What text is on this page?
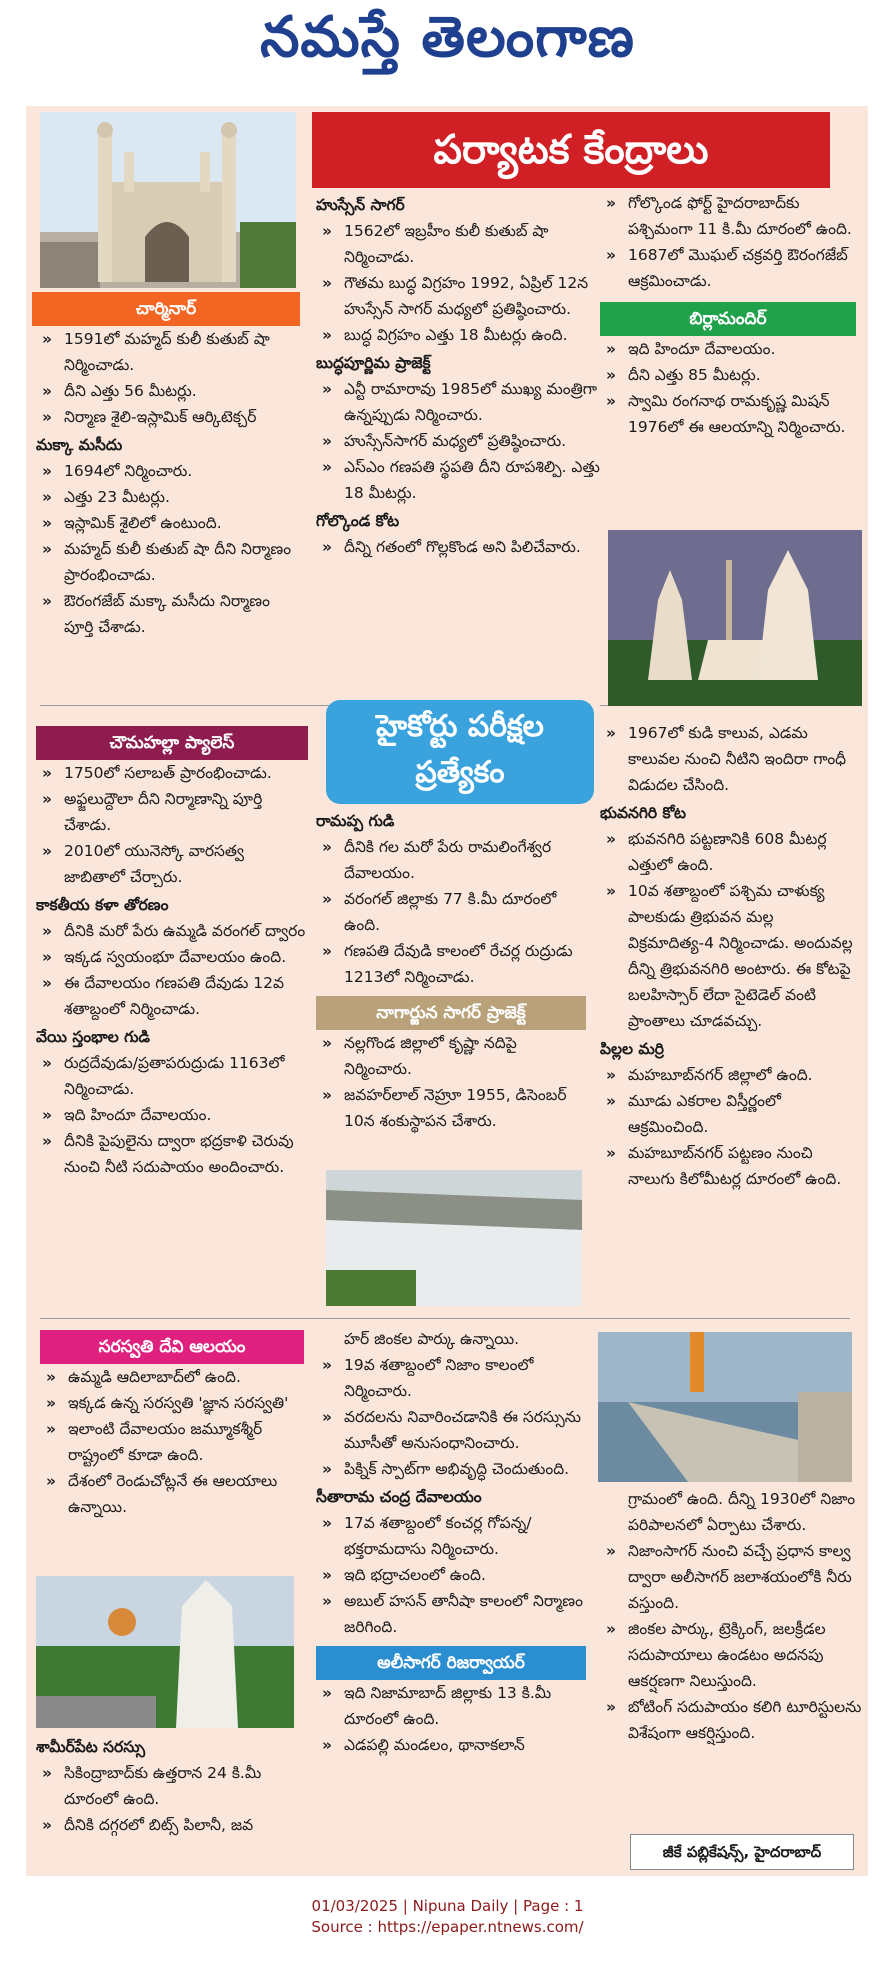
నమస్తే తెలంగాణ
పర్యాటక కేంద్రాలు
చార్మినార్
» 1591లో మహ్మద్ కులీ కుతుబ్ షా నిర్మించాడు.
» దీని ఎత్తు 56 మీటర్లు.
» నిర్మాణ శైలి-ఇస్లామిక్ ఆర్కిటెక్చర్
మక్కా మసీదు
» 1694లో నిర్మించారు.
» ఎత్తు 23 మీటర్లు.
» ఇస్లామిక్ శైలిలో ఉంటుంది.
» మహ్మద్ కులీ కుతుబ్ షా దీని నిర్మాణం ప్రారంభించాడు.
» ఔరంగజేబ్ మక్కా మసీదు నిర్మాణం పూర్తి చేశాడు.
హుస్సేన్ సాగర్
» 1562లో ఇబ్రహీం కులీ కుతుబ్ షా నిర్మించాడు.
» గౌతమ బుద్ధ విగ్రహం 1992, ఏప్రిల్ 12న హుస్సేన్ సాగర్ మధ్యలో ప్రతిష్ఠించారు.
» బుద్ధ విగ్రహం ఎత్తు 18 మీటర్లు ఉంది.
బుద్ధపూర్ణిమ ప్రాజెక్ట్
» ఎన్టీ రామారావు 1985లో ముఖ్య మంత్రిగా ఉన్నప్పుడు నిర్మించారు.
» హుస్సేన్‌సాగర్ మధ్యలో ప్రతిష్ఠించారు.
» ఎస్ఎం గణపతి స్థపతి దీని రూపశిల్పి. ఎత్తు 18 మీటర్లు.
గోల్కొండ కోట
» దీన్ని గతంలో గొల్లకొండ అని పిలిచేవారు.
» గోల్కొండ ఫోర్ట్ హైదరాబాద్‌కు పశ్చిమంగా 11 కి.మీ దూరంలో ఉంది.
» 1687లో మొఘల్ చక్రవర్తి ఔరంగజేబ్ ఆక్రమించాడు.
బిర్లామందిర్
» ఇది హిందూ దేవాలయం.
» దీని ఎత్తు 85 మీటర్లు.
» స్వామి రంగనాథ రామకృష్ణ మిషన్ 1976లో ఈ ఆలయాన్ని నిర్మించారు.
హైకోర్టు పరీక్షల
ప్రత్యేకం
చౌమహల్లా ప్యాలెస్
» 1750లో సలాబత్ ప్రారంభించాడు.
» అఫ్జలుద్దౌలా దీని నిర్మాణాన్ని పూర్తి చేశాడు.
» 2010లో యునెస్కో వారసత్వ జాబితాలో చేర్చారు.
కాకతీయ కళా తోరణం
» దీనికి మరో పేరు ఉమ్మడి వరంగల్ ద్వారం
» ఇక్కడ స్వయంభూ దేవాలయం ఉంది.
» ఈ దేవాలయం గణపతి దేవుడు 12వ శతాబ్దంలో నిర్మించాడు.
వేయి స్తంభాల గుడి
» రుద్రదేవుడు/ప్రతాపరుద్రుడు 1163లో నిర్మించాడు.
» ఇది హిందూ దేవాలయం.
» దీనికి పైపులైను ద్వారా భద్రకాళి చెరువు నుంచి నీటి సదుపాయం అందించారు.
రామప్ప గుడి
» దీనికి గల మరో పేరు రామలింగేశ్వర దేవాలయం.
» వరంగల్ జిల్లాకు 77 కి.మీ దూరంలో ఉంది.
» గణపతి దేవుడి కాలంలో రేచర్ల రుద్రుడు 1213లో నిర్మించాడు.
నాగార్జున సాగర్ ప్రాజెక్ట్
» నల్లగొండ జిల్లాలో కృష్ణా నదిపై నిర్మించారు.
» జవహర్‌లాల్ నెహ్రూ 1955, డిసెంబర్ 10న శంకుస్థాపన చేశారు.
» 1967లో కుడి కాలువ, ఎడమ కాలువల నుంచి నీటిని ఇందిరా గాంధీ విడుదల చేసింది.
భువనగిరి కోట
» భువనగిరి పట్టణానికి 608 మీటర్ల ఎత్తులో ఉంది.
» 10వ శతాబ్దంలో పశ్చిమ చాళుక్య పాలకుడు త్రిభువన మల్ల విక్రమాదిత్య-4 నిర్మించాడు. అందువల్ల దీన్ని త్రిభువనగిరి అంటారు. ఈ కోటపై బలహిస్సార్ లేదా సైటెడెల్ వంటి ప్రాంతాలు చూడవచ్చు.
పిల్లల మర్రి
» మహబూబ్‌నగర్ జిల్లాలో ఉంది.
» మూడు ఎకరాల విస్తీర్ణంలో ఆక్రమించింది.
» మహబూబ్‌నగర్ పట్టణం నుంచి నాలుగు కిలోమీటర్ల దూరంలో ఉంది.
సరస్వతి దేవి ఆలయం
» ఉమ్మడి ఆదిలాబాద్‌లో ఉంది.
» ఇక్కడ ఉన్న సరస్వతి 'జ్ఞాన సరస్వతి'
» ఇలాంటి దేవాలయం జమ్మూకశ్మీర్ రాష్ట్రంలో కూడా ఉంది.
» దేశంలో రెండుచోట్లనే ఈ ఆలయాలు ఉన్నాయి.
శామీర్‌పేట సరస్సు
» సికింద్రాబాద్‌కు ఉత్తరాన 24 కి.మీ దూరంలో ఉంది.
» దీనికి దగ్గరలో బిట్స్ పిలానీ, జవ
హర్ జింకల పార్కు ఉన్నాయి.
» 19వ శతాబ్దంలో నిజాం కాలంలో నిర్మించారు.
» వరదలను నివారించడానికి ఈ సరస్సును మూసీతో అనుసంధానించారు.
» పిక్నిక్ స్పాట్‌గా అభివృద్ధి చెందుతుంది.
సీతారామ చంద్ర దేవాలయం
» 17వ శతాబ్దంలో కంచర్ల గోపన్న/భక్తరామదాసు నిర్మించారు.
» ఇది భద్రాచలంలో ఉంది.
» అబుల్ హసన్ తానీషా కాలంలో నిర్మాణం జరిగింది.
అలీసాగర్ రిజర్వాయర్
» ఇది నిజామాబాద్ జిల్లాకు 13 కి.మీ దూరంలో ఉంది.
» ఎడపల్లి మండలం, థానాకలాన్
గ్రామంలో ఉంది. దీన్ని 1930లో నిజాం పరిపాలనలో ఏర్పాటు చేశారు.
» నిజాంసాగర్ నుంచి వచ్చే ప్రధాన కాల్వ ద్వారా అలీసాగర్ జలాశయంలోకి నీరు వస్తుంది.
» జింకల పార్కు, ట్రెక్కింగ్, జలక్రీడల సదుపాయాలు ఉండటం అదనపు ఆకర్షణగా నిలుస్తుంది.
» బోటింగ్ సదుపాయం కలిగి టూరిస్టులను విశేషంగా ఆకర్షిస్తుంది.
జీకే పబ్లికేషన్స్, హైదరాబాద్
01/03/2025 | Nipuna Daily | Page : 1
Source : https://epaper.ntnews.com/
